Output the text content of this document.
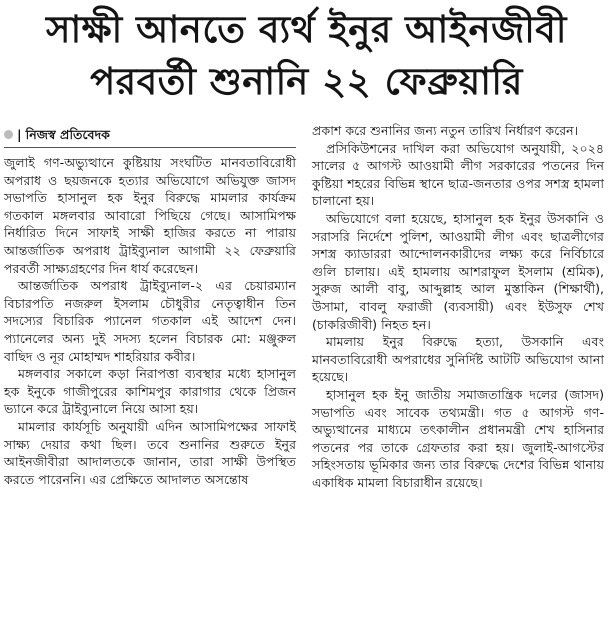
সাক্ষী আনতে ব্যর্থ ইনুর আইনজীবী
পরবর্তী শুনানি ২২ ফেব্রুয়ারি
| নিজস্ব প্রতিবেদক

জুলাই গণ-অভ্যুত্থানে কুষ্টিয়ায় সংঘটিত মানবতাবিরোধী অপরাধ ও ছয়জনকে হত্যার অভিযোগে অভিযুক্ত জাসদ সভাপতি হাসানুল হক ইনুর বিরুদ্ধে মামলার কার্যক্রম গতকাল মঙ্গলবার আবারো পিছিয়ে গেছে। আসামিপক্ষ নির্ধারিত দিনে সাফাই সাক্ষী হাজির করতে না পারায় আন্তর্জাতিক অপরাধ ট্রাইব্যুনাল আগামী ২২ ফেব্রুয়ারি পরবর্তী সাক্ষ্যগ্রহণের দিন ধার্য করেছেন।

আন্তর্জাতিক অপরাধ ট্রাইব্যুনাল-২ এর চেয়ারম্যান বিচারপতি নজরুল ইসলাম চৌধুরীর নেতৃত্বাধীন তিন সদস্যের বিচারিক প্যানেল গতকাল এই আদেশ দেন। প্যানেলের অন্য দুই সদস্য হলেন বিচারক মো: মঞ্জুরুল বাছিদ ও নূর মোহাম্মদ শাহরিয়ার কবীর।

মঙ্গলবার সকালে কড়া নিরাপত্তা ব্যবস্থার মধ্যে হাসানুল হক ইনুকে গাজীপুরের কাশিমপুর কারাগার থেকে প্রিজন ভ্যানে করে ট্রাইব্যুনালে নিয়ে আসা হয়।

মামলার কার্যসূচি অনুযায়ী এদিন আসামিপক্ষের সাফাই সাক্ষ্য দেয়ার কথা ছিল। তবে শুনানির শুরুতে ইনুর আইনজীবীরা আদালতকে জানান, তারা সাক্ষী উপস্থিত করতে পারেননি। এর প্রেক্ষিতে আদালত অসন্তোষ

প্রকাশ করে শুনানির জন্য নতুন তারিখ নির্ধারণ করেন।

প্রসিকিউশনের দাখিল করা অভিযোগ অনুযায়ী, ২০২৪ সালের ৫ আগস্ট আওয়ামী লীগ সরকারের পতনের দিন কুষ্টিয়া শহরের বিভিন্ন স্থানে ছাত্র-জনতার ওপর সশস্ত্র হামলা চালানো হয়।

অভিযোগে বলা হয়েছে, হাসানুল হক ইনুর উসকানি ও সরাসরি নির্দেশে পুলিশ, আওয়ামী লীগ এবং ছাত্রলীগের সশস্ত্র ক্যাডাররা আন্দোলনকারীদের লক্ষ্য করে নির্বিচারে গুলি চালায়। এই হামলায় আশরাফুল ইসলাম (শ্রমিক), সুরুজ আলী বাবু, আব্দুল্লাহ আল মুস্তাকিন (শিক্ষার্থী), উসামা, বাবলু ফরাজী (ব্যবসায়ী) এবং ইউসুফ শেখ (চাকরিজীবী) নিহত হন।

মামলায় ইনুর বিরুদ্ধে হত্যা, উসকানি এবং মানবতাবিরোধী অপরাধের সুনির্দিষ্ট আটটি অভিযোগ আনা হয়েছে।

হাসানুল হক ইনু জাতীয় সমাজতান্ত্রিক দলের (জাসদ) সভাপতি এবং সাবেক তথ্যমন্ত্রী। গত ৫ আগস্ট গণ-অভ্যুত্থানের মাধ্যমে তৎকালীন প্রধানমন্ত্রী শেখ হাসিনার পতনের পর তাকে গ্রেফতার করা হয়। জুলাই-আগস্টের সহিংসতায় ভূমিকার জন্য তার বিরুদ্ধে দেশের বিভিন্ন থানায় একাধিক মামলা বিচারাধীন রয়েছে।
